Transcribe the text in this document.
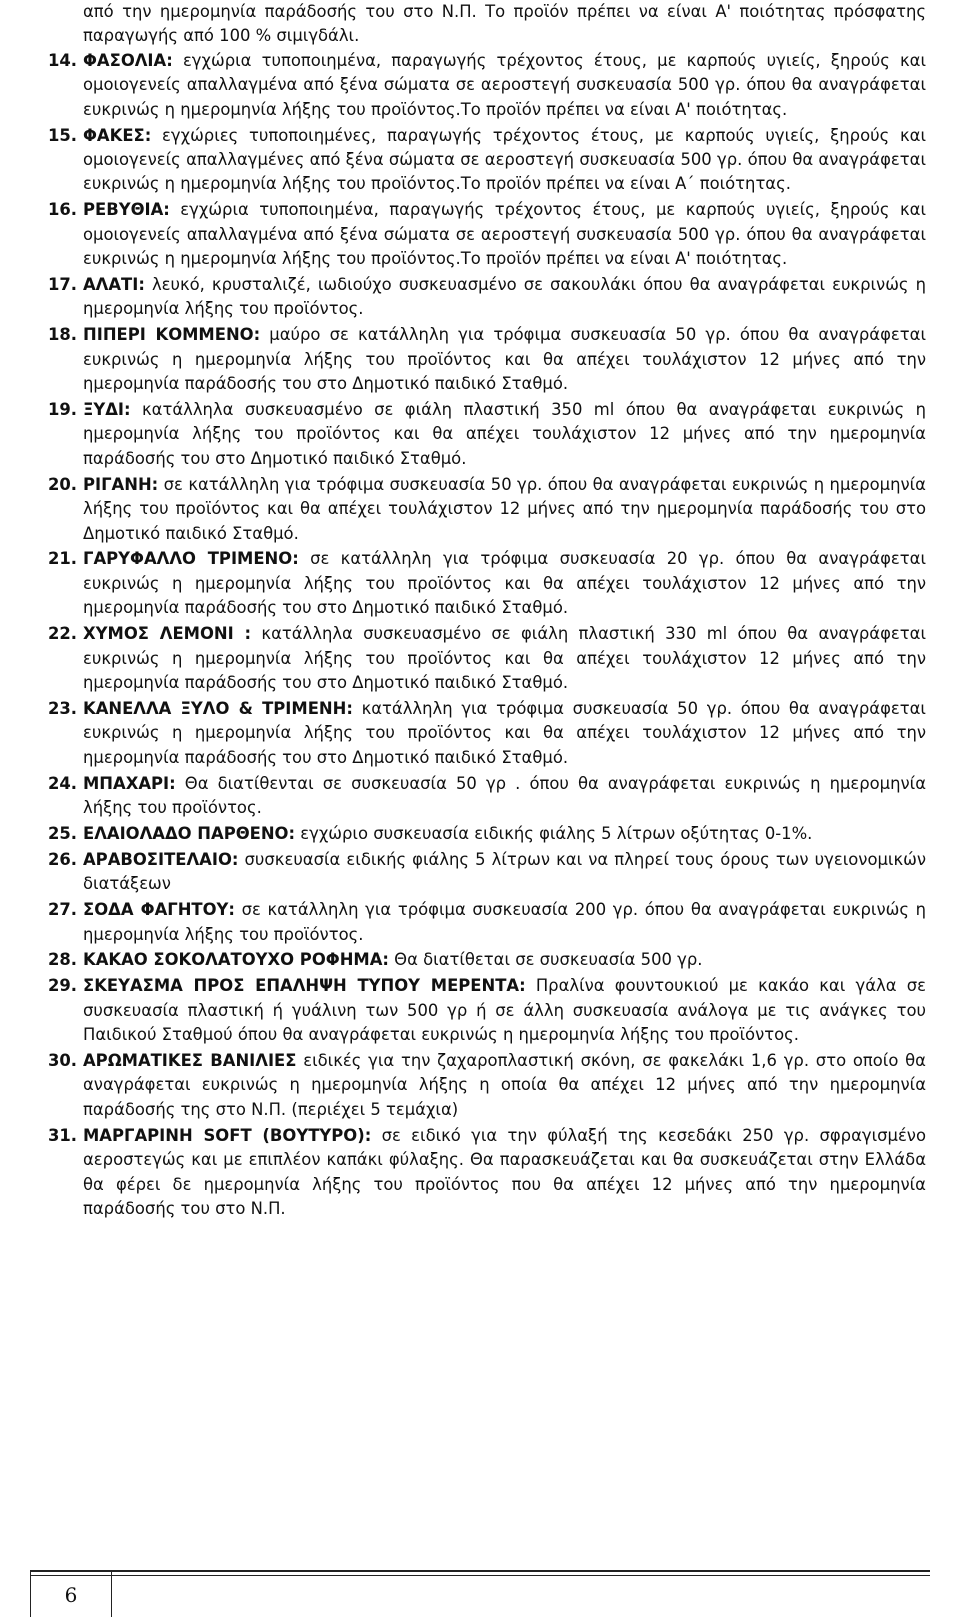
από την ημερομηνία παράδοσής του στο Ν.Π. Το προϊόν πρέπει να είναι Α' ποιότητας πρόσφατης παραγωγής από 100 % σιμιγδάλι.

14. ΦΑΣΟΛΙΑ: εγχώρια τυποποιημένα, παραγωγής τρέχοντος έτους, με καρπούς υγιείς, ξηρούς και ομοιογενείς απαλλαγμένα από ξένα σώματα σε αεροστεγή συσκευασία 500 γρ. όπου θα αναγράφεται ευκρινώς η ημερομηνία λήξης του προϊόντος.Το προϊόν πρέπει να είναι Α' ποιότητας.
15. ΦΑΚΕΣ: εγχώριες τυποποιημένες, παραγωγής τρέχοντος έτους, με καρπούς υγιείς, ξηρούς και ομοιογενείς απαλλαγμένες από ξένα σώματα σε αεροστεγή συσκευασία 500 γρ. όπου θα αναγράφεται ευκρινώς η ημερομηνία λήξης του προϊόντος.Το προϊόν πρέπει να είναι Α΄ ποιότητας.
16. ΡΕΒΥΘΙΑ: εγχώρια τυποποιημένα, παραγωγής τρέχοντος έτους, με καρπούς υγιείς, ξηρούς και ομοιογενείς απαλλαγμένα από ξένα σώματα σε αεροστεγή συσκευασία 500 γρ. όπου θα αναγράφεται ευκρινώς η ημερομηνία λήξης του προϊόντος.Το προϊόν πρέπει να είναι Α' ποιότητας.
17. ΑΛΑΤΙ: λευκό, κρυσταλιζέ, ιωδιούχο συσκευασμένο σε σακουλάκι όπου θα αναγράφεται ευκρινώς η ημερομηνία λήξης του προϊόντος.
18. ΠΙΠΕΡΙ ΚΟΜΜΕΝΟ: μαύρο σε κατάλληλη για τρόφιμα συσκευασία 50 γρ. όπου θα αναγράφεται ευκρινώς η ημερομηνία λήξης του προϊόντος και θα απέχει τουλάχιστον 12 μήνες από την ημερομηνία παράδοσής του στο Δημοτικό παιδικό Σταθμό.
19. ΞΥΔΙ: κατάλληλα συσκευασμένο σε φιάλη πλαστική 350 ml όπου θα αναγράφεται ευκρινώς η ημερομηνία λήξης του προϊόντος και θα απέχει τουλάχιστον 12 μήνες από την ημερομηνία παράδοσής του στο Δημοτικό παιδικό Σταθμό.
20. ΡΙΓΑΝΗ: σε κατάλληλη για τρόφιμα συσκευασία 50 γρ. όπου θα αναγράφεται ευκρινώς η ημερομηνία λήξης του προϊόντος και θα απέχει τουλάχιστον 12 μήνες από την ημερομηνία παράδοσής του στο Δημοτικό παιδικό Σταθμό.
21. ΓΑΡΥΦΑΛΛΟ ΤΡΙΜΕΝΟ: σε κατάλληλη για τρόφιμα συσκευασία 20 γρ. όπου θα αναγράφεται ευκρινώς η ημερομηνία λήξης του προϊόντος και θα απέχει τουλάχιστον 12 μήνες από την ημερομηνία παράδοσής του στο Δημοτικό παιδικό Σταθμό.
22. ΧΥΜΟΣ ΛΕΜΟΝΙ : κατάλληλα συσκευασμένο σε φιάλη πλαστική 330 ml όπου θα αναγράφεται ευκρινώς η ημερομηνία λήξης του προϊόντος και θα απέχει τουλάχιστον 12 μήνες από την ημερομηνία παράδοσής του στο Δημοτικό παιδικό Σταθμό.
23. ΚΑΝΕΛΛΑ ΞΥΛΟ & ΤΡΙΜΕΝΗ: κατάλληλη για τρόφιμα συσκευασία 50 γρ. όπου θα αναγράφεται ευκρινώς η ημερομηνία λήξης του προϊόντος και θα απέχει τουλάχιστον 12 μήνες από την ημερομηνία παράδοσής του στο Δημοτικό παιδικό Σταθμό.
24. ΜΠΑΧΑΡΙ: Θα διατίθενται σε συσκευασία 50 γρ . όπου θα αναγράφεται ευκρινώς η ημερομηνία λήξης του προϊόντος.
25. ΕΛΑΙΟΛΑΔΟ ΠΑΡΘΕΝΟ: εγχώριο συσκευασία ειδικής φιάλης 5 λίτρων οξύτητας 0-1%.
26. ΑΡΑΒΟΣΙΤΕΛΑΙΟ: συσκευασία ειδικής φιάλης 5 λίτρων και να πληρεί τους όρους των υγειονομικών διατάξεων
27. ΣΟΔΑ ΦΑΓΗΤΟΥ: σε κατάλληλη για τρόφιμα συσκευασία 200 γρ. όπου θα αναγράφεται ευκρινώς η ημερομηνία λήξης του προϊόντος.
28. ΚΑΚΑΟ ΣΟΚΟΛΑΤΟΥΧΟ ΡΟΦΗΜΑ: Θα διατίθεται σε συσκευασία 500 γρ.
29. ΣΚΕΥΑΣΜΑ ΠΡΟΣ ΕΠΑΛΗΨΗ ΤΥΠΟΥ ΜΕΡΕΝΤΑ: Πραλίνα φουντουκιού με κακάο και γάλα σε συσκευασία πλαστική ή γυάλινη των 500 γρ ή σε άλλη συσκευασία ανάλογα με τις ανάγκες του Παιδικού Σταθμού όπου θα αναγράφεται ευκρινώς η ημερομηνία λήξης του προϊόντος.
30. ΑΡΩΜΑΤΙΚΕΣ ΒΑΝΙΛΙΕΣ ειδικές για την ζαχαροπλαστική σκόνη, σε φακελάκι 1,6 γρ. στο οποίο θα αναγράφεται ευκρινώς η ημερομηνία λήξης η οποία θα απέχει 12 μήνες από την ημερομηνία παράδοσής της στο Ν.Π. (περιέχει 5 τεμάχια)
31. ΜΑΡΓΑΡΙΝΗ SOFT (ΒΟΥΤΥΡΟ): σε ειδικό για την φύλαξή της κεσεδάκι 250 γρ. σφραγισμένο αεροστεγώς και με επιπλέον καπάκι φύλαξης. Θα παρασκευάζεται και θα συσκευάζεται στην Ελλάδα θα φέρει δε ημερομηνία λήξης του προϊόντος που θα απέχει 12 μήνες από την ημερομηνία παράδοσής του στο Ν.Π.
6
